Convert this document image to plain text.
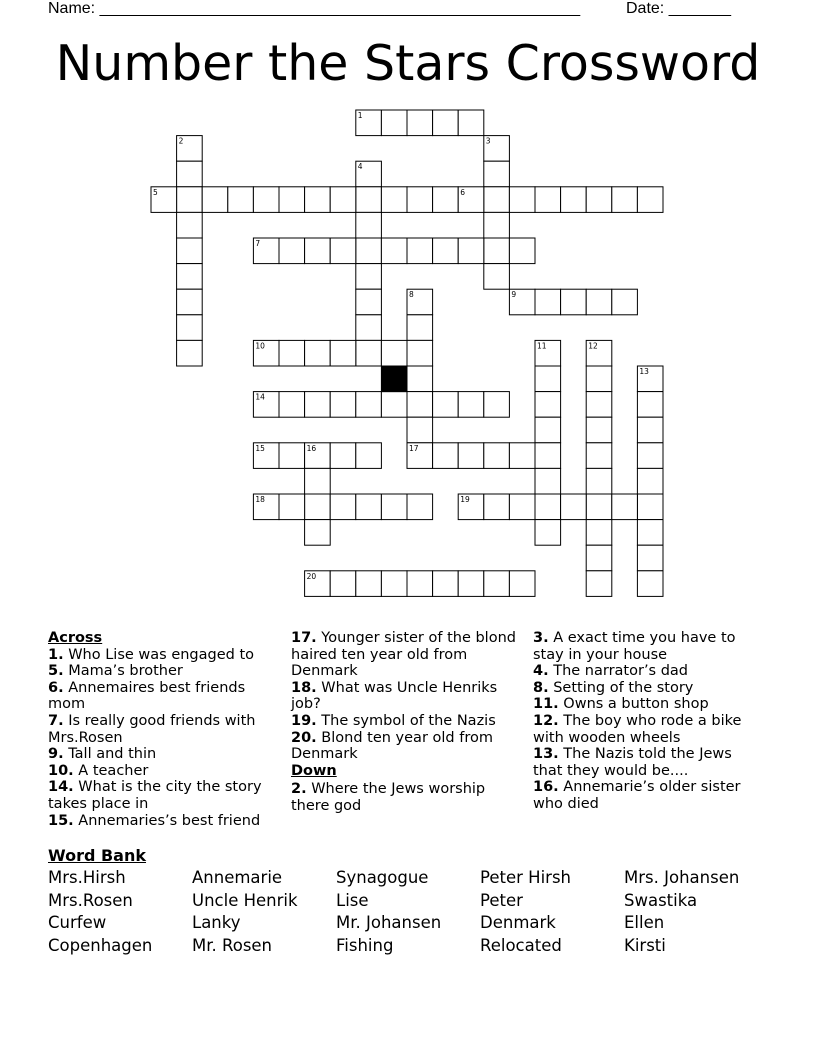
Name: ______________________________________________________	Date: _______
Number the Stars Crossword
1
2	3
4
5	6
7
8	9
10	11	12
13
14
15	16	17
18	19
20
Across
1. Who Lise was engaged to
5. Mama’s brother
6. Annemaires best friends mom
7. Is really good friends with Mrs.Rosen
9. Tall and thin
10. A teacher
14. What is the city the story takes place in
15. Annemaries’s best friend
17. Younger sister of the blond haired ten year old from Denmark
18. What was Uncle Henriks job?
19. The symbol of the Nazis
20. Blond ten year old from Denmark
Down
2. Where the Jews worship there god
3. A exact time you have to stay in your house
4. The narrator’s dad
8. Setting of the story
11. Owns a button shop
12. The boy who rode a bike with wooden wheels
13. The Nazis told the Jews that they would be....
16. Annemarie’s older sister who died
Word Bank
Mrs.Hirsh	Annemarie	Synagogue	Peter Hirsh	Mrs. Johansen
Mrs.Rosen	Uncle Henrik	Lise	Peter	Swastika
Curfew	Lanky	Mr. Johansen	Denmark	Ellen
Copenhagen	Mr. Rosen	Fishing	Relocated	Kirsti
